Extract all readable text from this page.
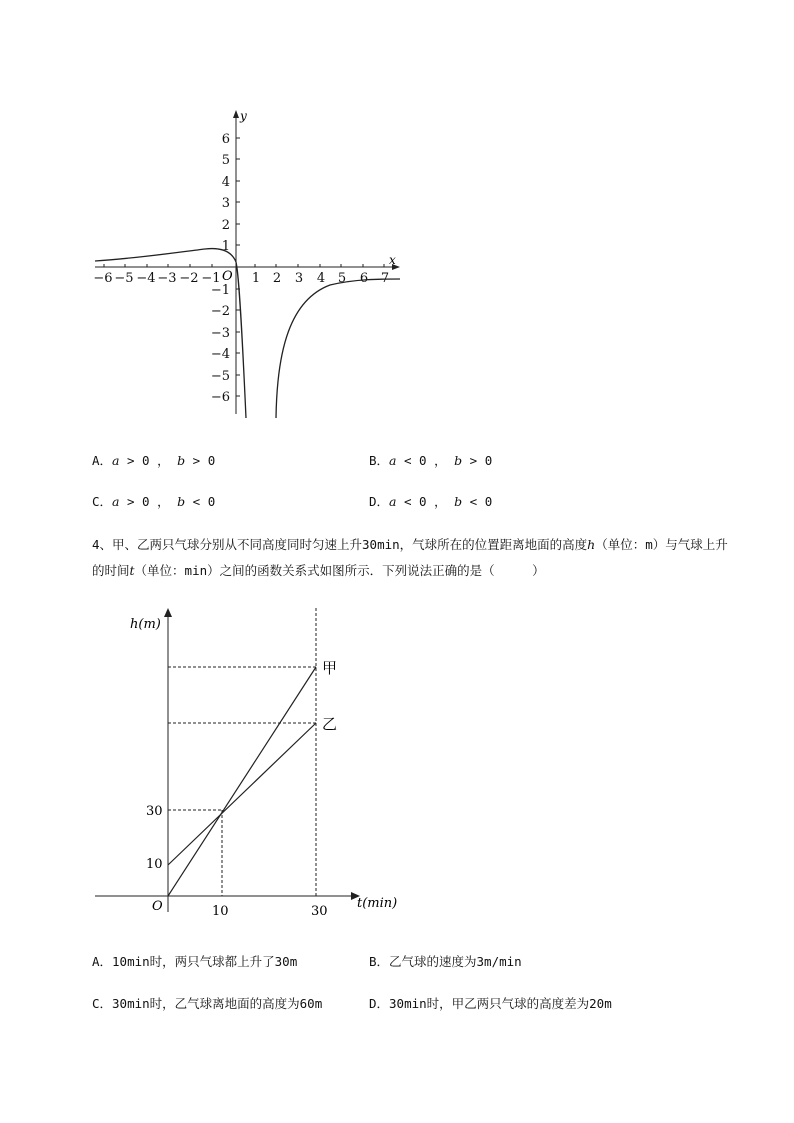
x
y
O
−6 −5 −4 −3 −2 −1 1 2 3 4 5 6 7
1
2
3
4
5
6
−1
−2
−3
−4
−5
−6
A．a > 0 ， b > 0	B．a < 0 ， b > 0
C．a > 0 ， b < 0	D．a < 0 ， b < 0
4、甲、乙两只气球分别从不同高度同时匀速上升30min，气球所在的位置距离地面的高度h（单位：m）与气球上升的时间t（单位：min）之间的函数关系式如图所示．下列说法正确的是（　　　）
h(m)
t(min)
O
甲
乙
30
10
10	30
A．10min时，两只气球都上升了30m	B．乙气球的速度为3m/min
C．30min时，乙气球离地面的高度为60m	D．30min时，甲乙两只气球的高度差为20m
